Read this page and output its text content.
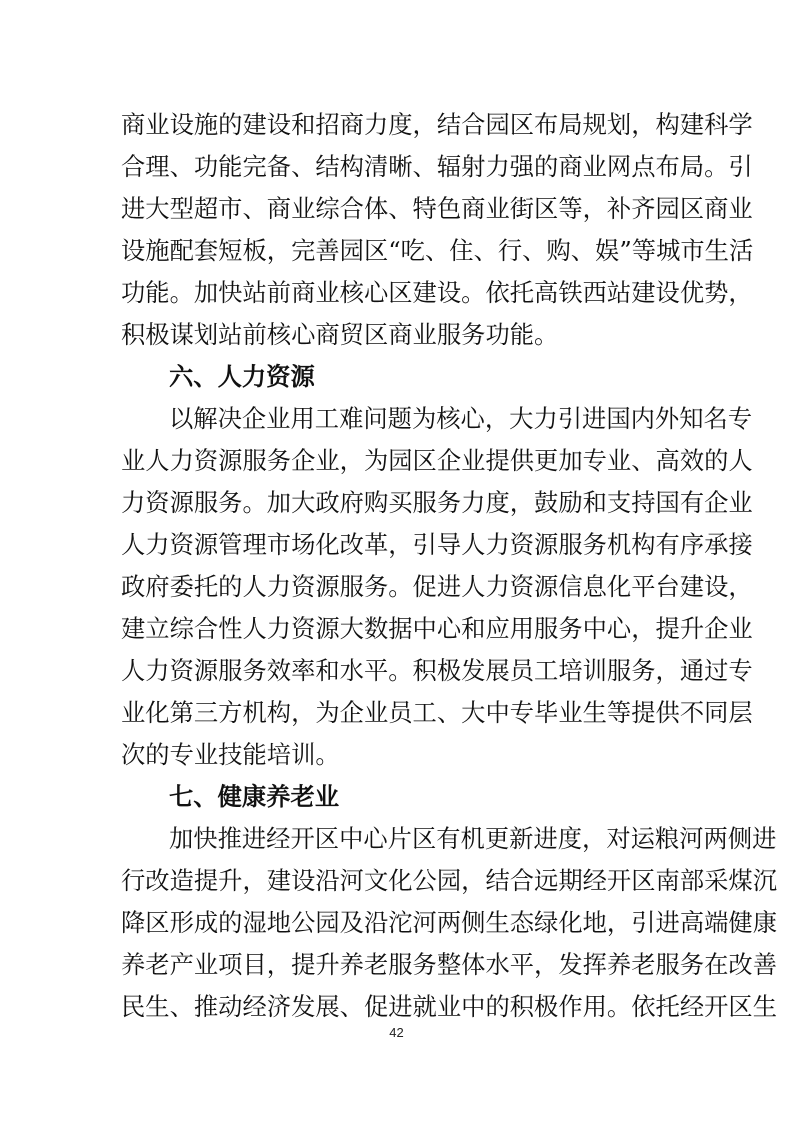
商业设施的建设和招商力度，结合园区布局规划，构建科学
合理、功能完备、结构清晰、辐射力强的商业网点布局。引
进大型超市、商业综合体、特色商业街区等，补齐园区商业
设施配套短板，完善园区“吃、住、行、购、娱”等城市生活
功能。加快站前商业核心区建设。依托高铁西站建设优势，
积极谋划站前核心商贸区商业服务功能。
六、人力资源
以解决企业用工难问题为核心，大力引进国内外知名专
业人力资源服务企业，为园区企业提供更加专业、高效的人
力资源服务。加大政府购买服务力度，鼓励和支持国有企业
人力资源管理市场化改革，引导人力资源服务机构有序承接
政府委托的人力资源服务。促进人力资源信息化平台建设，
建立综合性人力资源大数据中心和应用服务中心，提升企业
人力资源服务效率和水平。积极发展员工培训服务，通过专
业化第三方机构，为企业员工、大中专毕业生等提供不同层
次的专业技能培训。
七、健康养老业
加快推进经开区中心片区有机更新进度，对运粮河两侧进
行改造提升，建设沿河文化公园，结合远期经开区南部采煤沉
降区形成的湿地公园及沿沱河两侧生态绿化地，引进高端健康
养老产业项目，提升养老服务整体水平，发挥养老服务在改善
民生、推动经济发展、促进就业中的积极作用。依托经开区生
42
